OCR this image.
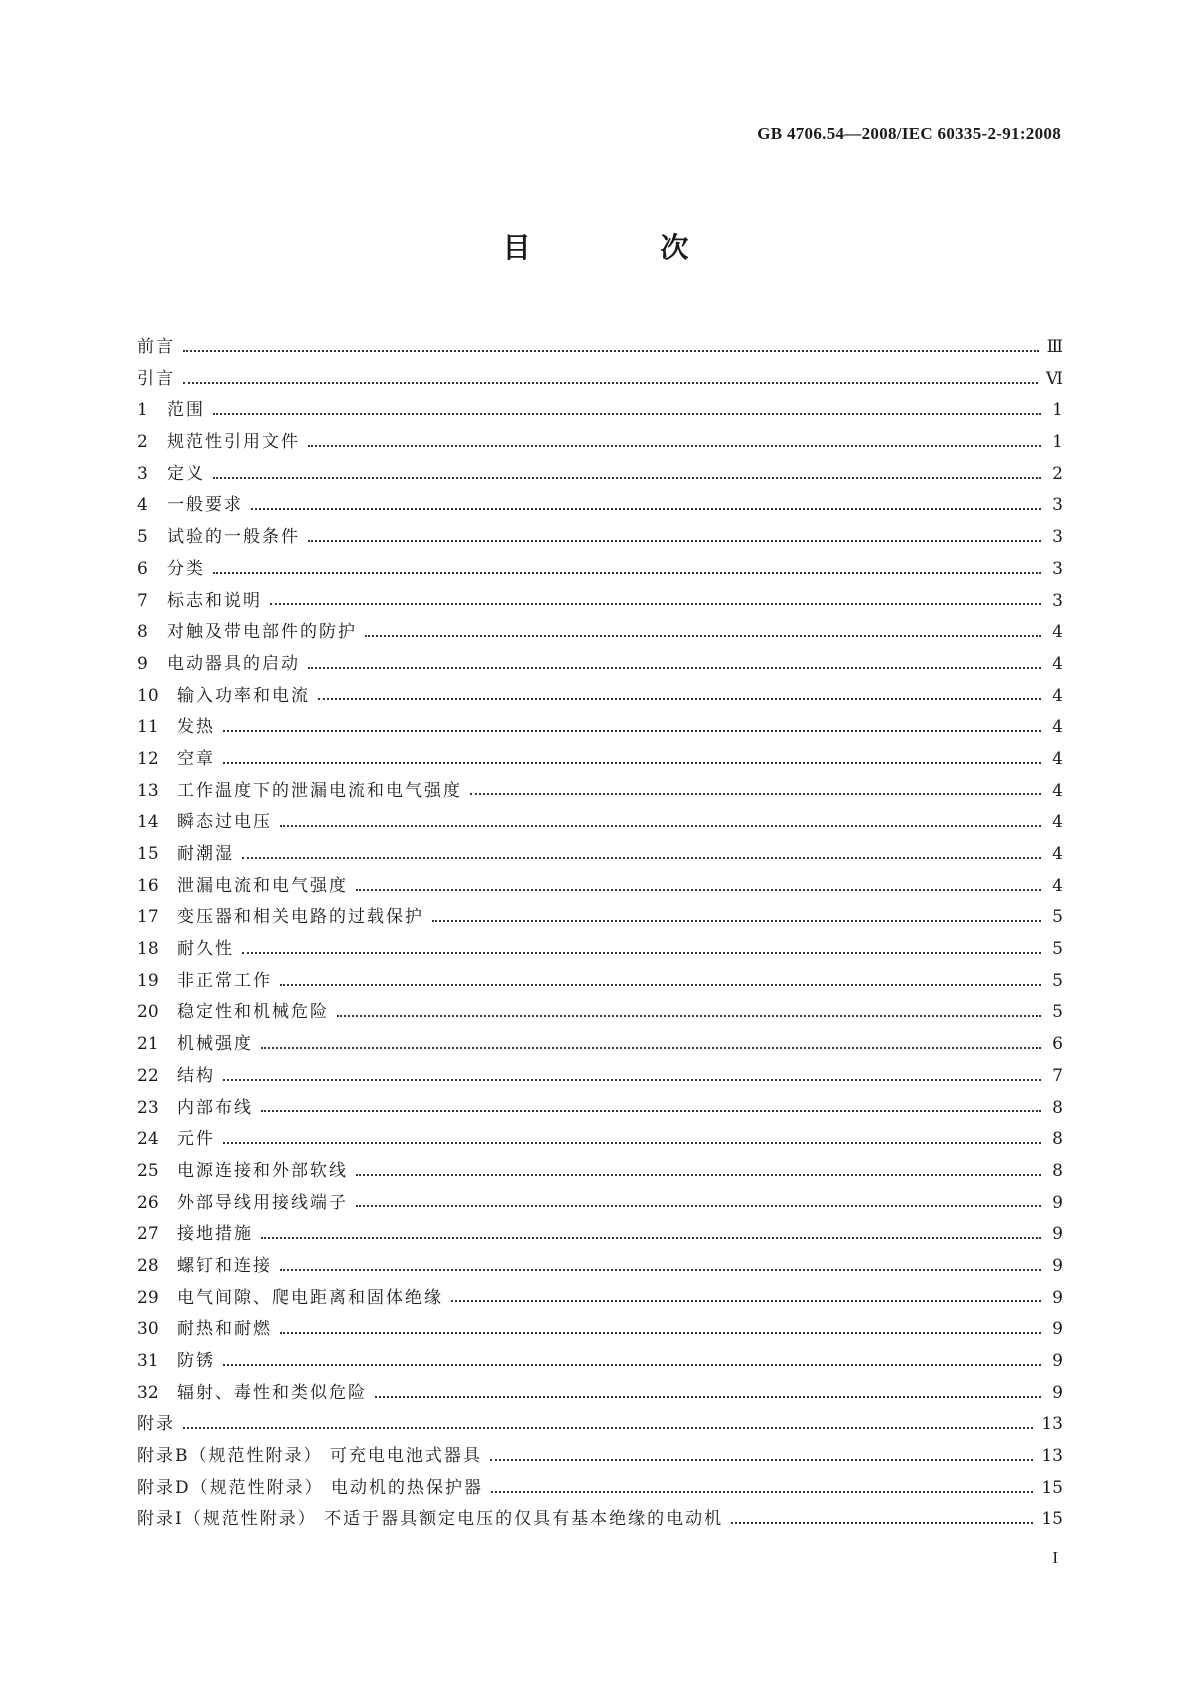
GB 4706.54—2008/IEC 60335-2-91:2008
目 次
前言	Ⅲ
引言	Ⅵ
1	范围	1
2	规范性引用文件	1
3	定义	2
4	一般要求	3
5	试验的一般条件	3
6	分类	3
7	标志和说明	3
8	对触及带电部件的防护	4
9	电动器具的启动	4
10	输入功率和电流	4
11	发热	4
12	空章	4
13	工作温度下的泄漏电流和电气强度	4
14	瞬态过电压	4
15	耐潮湿	4
16	泄漏电流和电气强度	4
17	变压器和相关电路的过载保护	5
18	耐久性	5
19	非正常工作	5
20	稳定性和机械危险	5
21	机械强度	6
22	结构	7
23	内部布线	8
24	元件	8
25	电源连接和外部软线	8
26	外部导线用接线端子	9
27	接地措施	9
28	螺钉和连接	9
29	电气间隙、爬电距离和固体绝缘	9
30	耐热和耐燃	9
31	防锈	9
32	辐射、毒性和类似危险	9
附录	13
附录B（规范性附录） 可充电电池式器具	13
附录D（规范性附录） 电动机的热保护器	15
附录I（规范性附录） 不适于器具额定电压的仅具有基本绝缘的电动机	15
I
